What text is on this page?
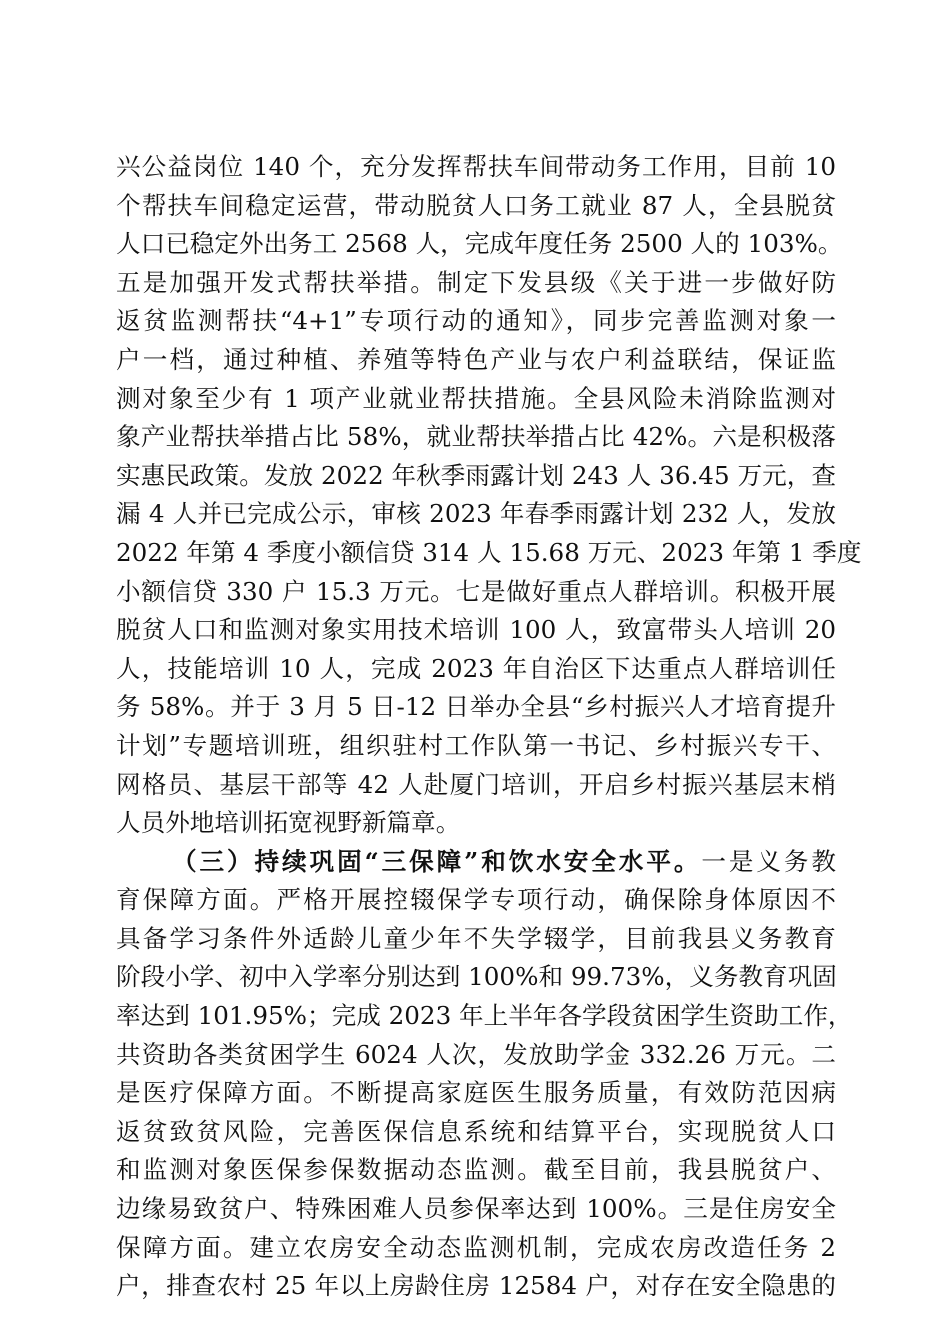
兴公益岗位 140 个，充分发挥帮扶车间带动务工作用，目前 10
个帮扶车间稳定运营，带动脱贫人口务工就业 87 人，全县脱贫
人口已稳定外出务工 2568 人，完成年度任务 2500 人的 103%。
五是加强开发式帮扶举措。制定下发县级《关于进一步做好防
返贫监测帮扶“4+1”专项行动的通知》，同步完善监测对象一
户一档，通过种植、养殖等特色产业与农户利益联结，保证监
测对象至少有 1 项产业就业帮扶措施。全县风险未消除监测对
象产业帮扶举措占比 58%，就业帮扶举措占比 42%。六是积极落
实惠民政策。发放 2022 年秋季雨露计划 243 人 36.45 万元，查
漏 4 人并已完成公示，审核 2023 年春季雨露计划 232 人，发放
2022 年第 4 季度小额信贷 314 人 15.68 万元、2023 年第 1 季度
小额信贷 330 户 15.3 万元。七是做好重点人群培训。积极开展
脱贫人口和监测对象实用技术培训 100 人，致富带头人培训 20
人，技能培训 10 人，完成 2023 年自治区下达重点人群培训任
务 58%。并于 3 月 5 日-12 日举办全县“乡村振兴人才培育提升
计划”专题培训班，组织驻村工作队第一书记、乡村振兴专干、
网格员、基层干部等 42 人赴厦门培训，开启乡村振兴基层末梢
人员外地培训拓宽视野新篇章。
（三）持续巩固“三保障”和饮水安全水平。一是义务教
育保障方面。严格开展控辍保学专项行动，确保除身体原因不
具备学习条件外适龄儿童少年不失学辍学，目前我县义务教育
阶段小学、初中入学率分别达到 100%和 99.73%，义务教育巩固
率达到 101.95%；完成 2023 年上半年各学段贫困学生资助工作，
共资助各类贫困学生 6024 人次，发放助学金 332.26 万元。二
是医疗保障方面。不断提高家庭医生服务质量，有效防范因病
返贫致贫风险，完善医保信息系统和结算平台，实现脱贫人口
和监测对象医保参保数据动态监测。截至目前，我县脱贫户、
边缘易致贫户、特殊困难人员参保率达到 100%。三是住房安全
保障方面。建立农房安全动态监测机制，完成农房改造任务 2
户，排查农村 25 年以上房龄住房 12584 户，对存在安全隐患的
